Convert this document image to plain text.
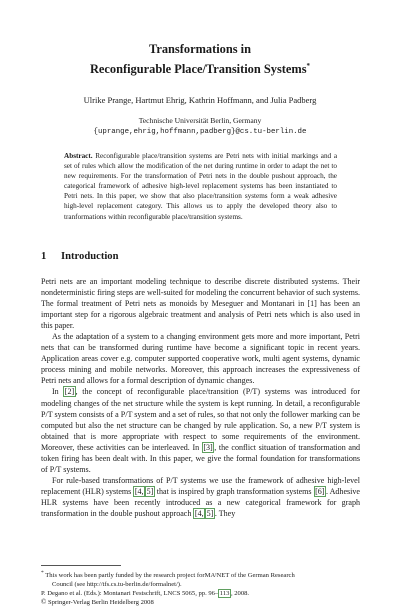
Transformations in
Reconfigurable Place/Transition Systems*
Ulrike Prange, Hartmut Ehrig, Kathrin Hoffmann, and Julia Padberg
Technische Universität Berlin, Germany
{uprange,ehrig,hoffmann,padberg}@cs.tu-berlin.de
Abstract. Reconfigurable place/transition systems are Petri nets with initial markings and a set of rules which allow the modification of the net during runtime in order to adapt the net to new requirements. For the transformation of Petri nets in the double pushout approach, the categorical framework of adhesive high-level replacement systems has been instantiated to Petri nets. In this paper, we show that also place/transition systems form a weak adhesive high-level replacement category. This allows us to apply the developed theory also to tranformations within reconfigurable place/transition systems.
1 Introduction

Petri nets are an important modeling technique to describe discrete distributed systems. Their nondeterministic firing steps are well-suited for modeling the concurrent behavior of such systems. The formal treatment of Petri nets as monoids by Meseguer and Montanari in [1] has been an important step for a rigorous algebraic treatment and analysis of Petri nets which is also used in this paper.

As the adaptation of a system to a changing environment gets more and more important, Petri nets that can be transformed during runtime have become a significant topic in recent years. Application areas cover e.g. computer supported cooperative work, multi agent systems, dynamic process mining and mobile networks. Moreover, this approach increases the expressiveness of Petri nets and allows for a formal description of dynamic changes.

In [2] , the concept of reconfigurable place/transition (P/T) systems was introduced for modeling changes of the net structure while the system is kept running. In detail, a reconfigurable P/T system consists of a P/T system and a set of rules, so that not only the follower marking can be computed but also the net structure can be changed by rule application. So, a new P/T system is obtained that is more appropriate with respect to some requirements of the environment. Moreover, these activities can be interleaved. In [3] , the conflict situation of transformation and token firing has been dealt with. In this paper, we give the formal foundation for transformations of P/T systems.

For rule-based transformations of P/T systems we use the framework of adhesive high-level replacement (HLR) systems [4, 5] that is inspired by graph transformation systems [6] . Adhesive HLR systems have been recently introduced as a new categorical framework for graph transformation in the double pushout approach [4, 5] . They

* This work has been partly funded by the research project forMAᴵNET of the German Research
Council (see http://tfs.cs.tu-berlin.de/formalnet/).
P. Degano et al. (Eds.): Montanari Festschrift, LNCS 5065, pp. 96– 113 , 2008.
© Springer-Verlag Berlin Heidelberg 2008
